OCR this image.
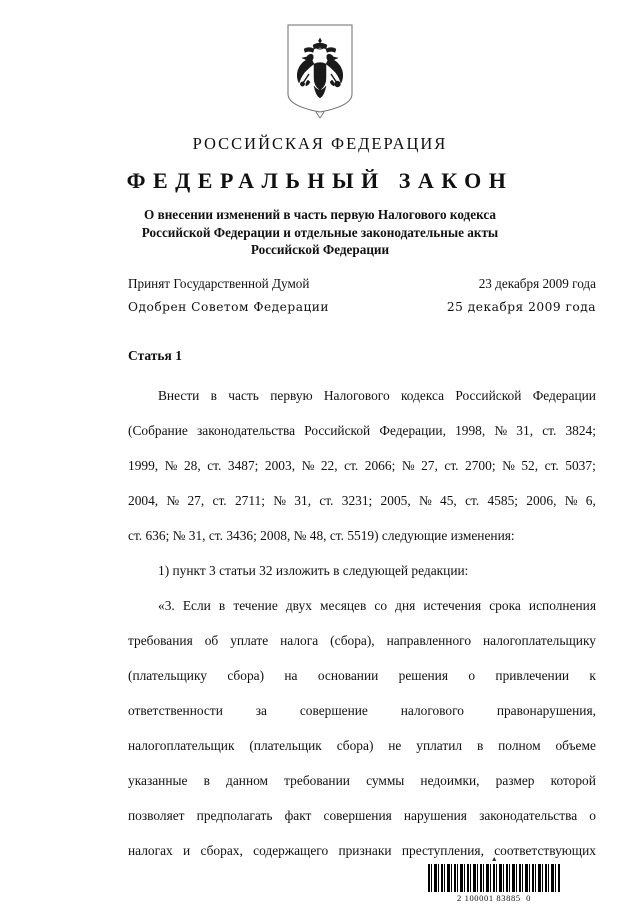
РОССИЙСКАЯ ФЕДЕРАЦИЯ
ФЕДЕРАЛЬНЫЙ ЗАКОН
О внесении изменений в часть первую Налогового кодекса
Российской Федерации и отдельные законодательные акты
Российской Федерации
Принят Государственной Думой	23 декабря 2009 года
Одобрен Советом Федерации	25 декабря 2009 года
Статья 1
Внести в часть первую Налогового кодекса Российской Федерации
(Собрание законодательства Российской Федерации, 1998, № 31, ст. 3824;
1999, № 28, ст. 3487; 2003, № 22, ст. 2066; № 27, ст. 2700; № 52, ст. 5037;
2004, № 27, ст. 2711; № 31, ст. 3231; 2005, № 45, ст. 4585; 2006, № 6,
ст. 636; № 31, ст. 3436; 2008, № 48, ст. 5519) следующие изменения:
1) пункт 3 статьи 32 изложить в следующей редакции:
«3. Если в течение двух месяцев со дня истечения срока исполнения
требования об уплате налога (сбора), направленного налогоплательщику
(плательщику сбора) на основании решения о привлечении к
ответственности за совершение налогового правонарушения,
налогоплательщик (плательщик сбора) не уплатил в полном объеме
указанные в данном требовании суммы недоимки, размер которой
позволяет предполагать факт совершения нарушения законодательства о
налогах и сборах, содержащего признаки преступления, соответствующих
▲
2 100001 83885  0
